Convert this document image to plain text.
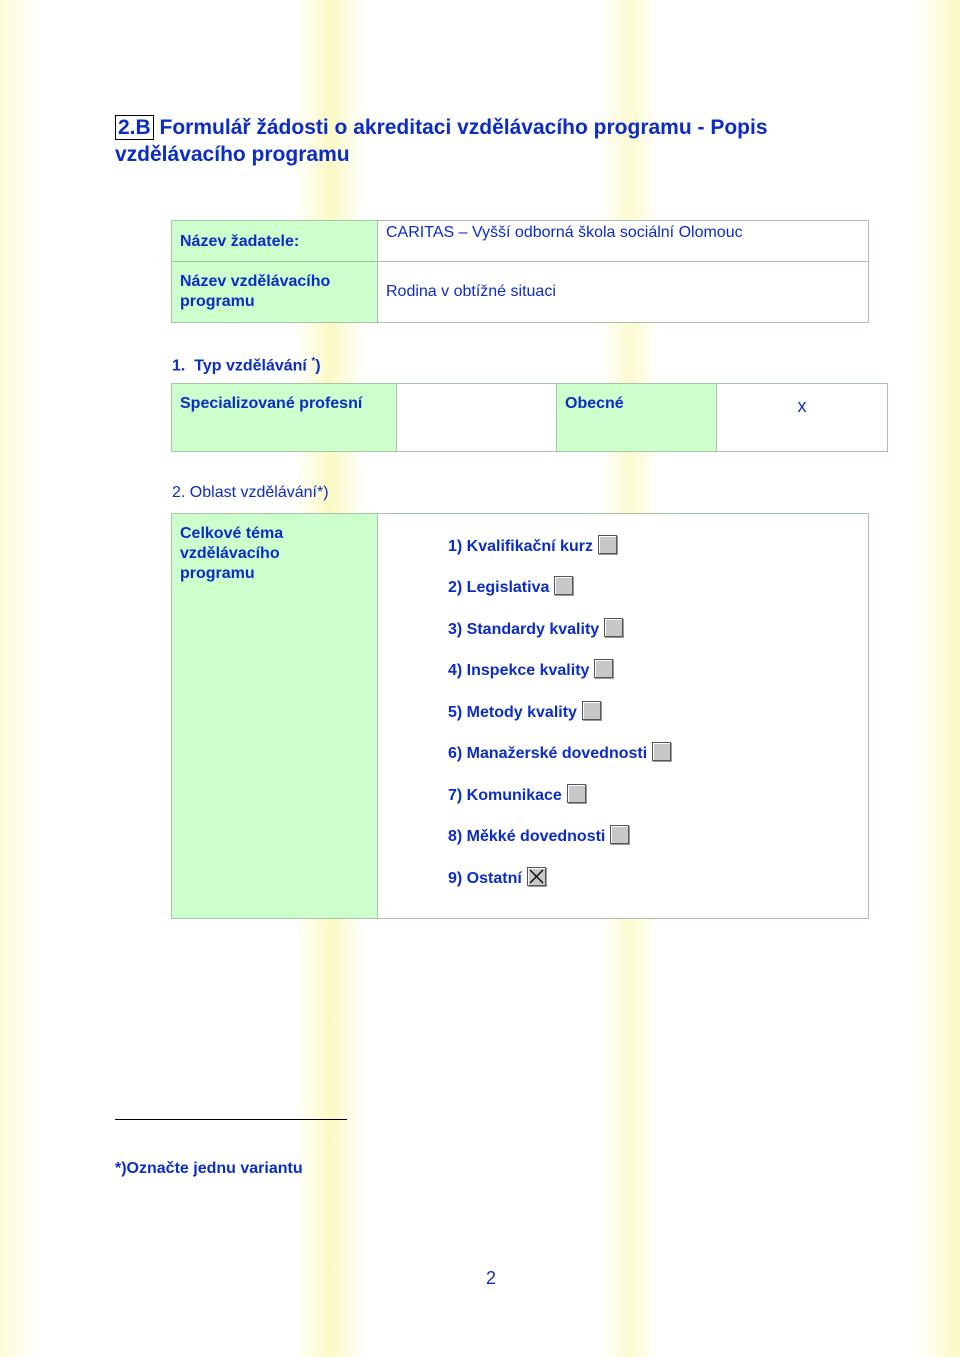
2.B Formulář žádosti o akreditaci vzdělávacího programu - Popis vzdělávacího programu
Název žadatele:	CARITAS – Vyšší odborná škola sociální Olomouc

Název vzdělávacího programu	Rodina v obtížné situaci
1. Typ vzdělávání *)
Specializované profesní		Obecné	x
2. Oblast vzdělávání*)
Celkové téma vzdělávacího programu

1) Kvalifikační kurz
2) Legislativa
3) Standardy kvality
4) Inspekce kvality
5) Metody kvality
6) Manažerské dovednosti
7) Komunikace
8) Měkké dovednosti
9) Ostatní
*)Označte jednu variantu
2
